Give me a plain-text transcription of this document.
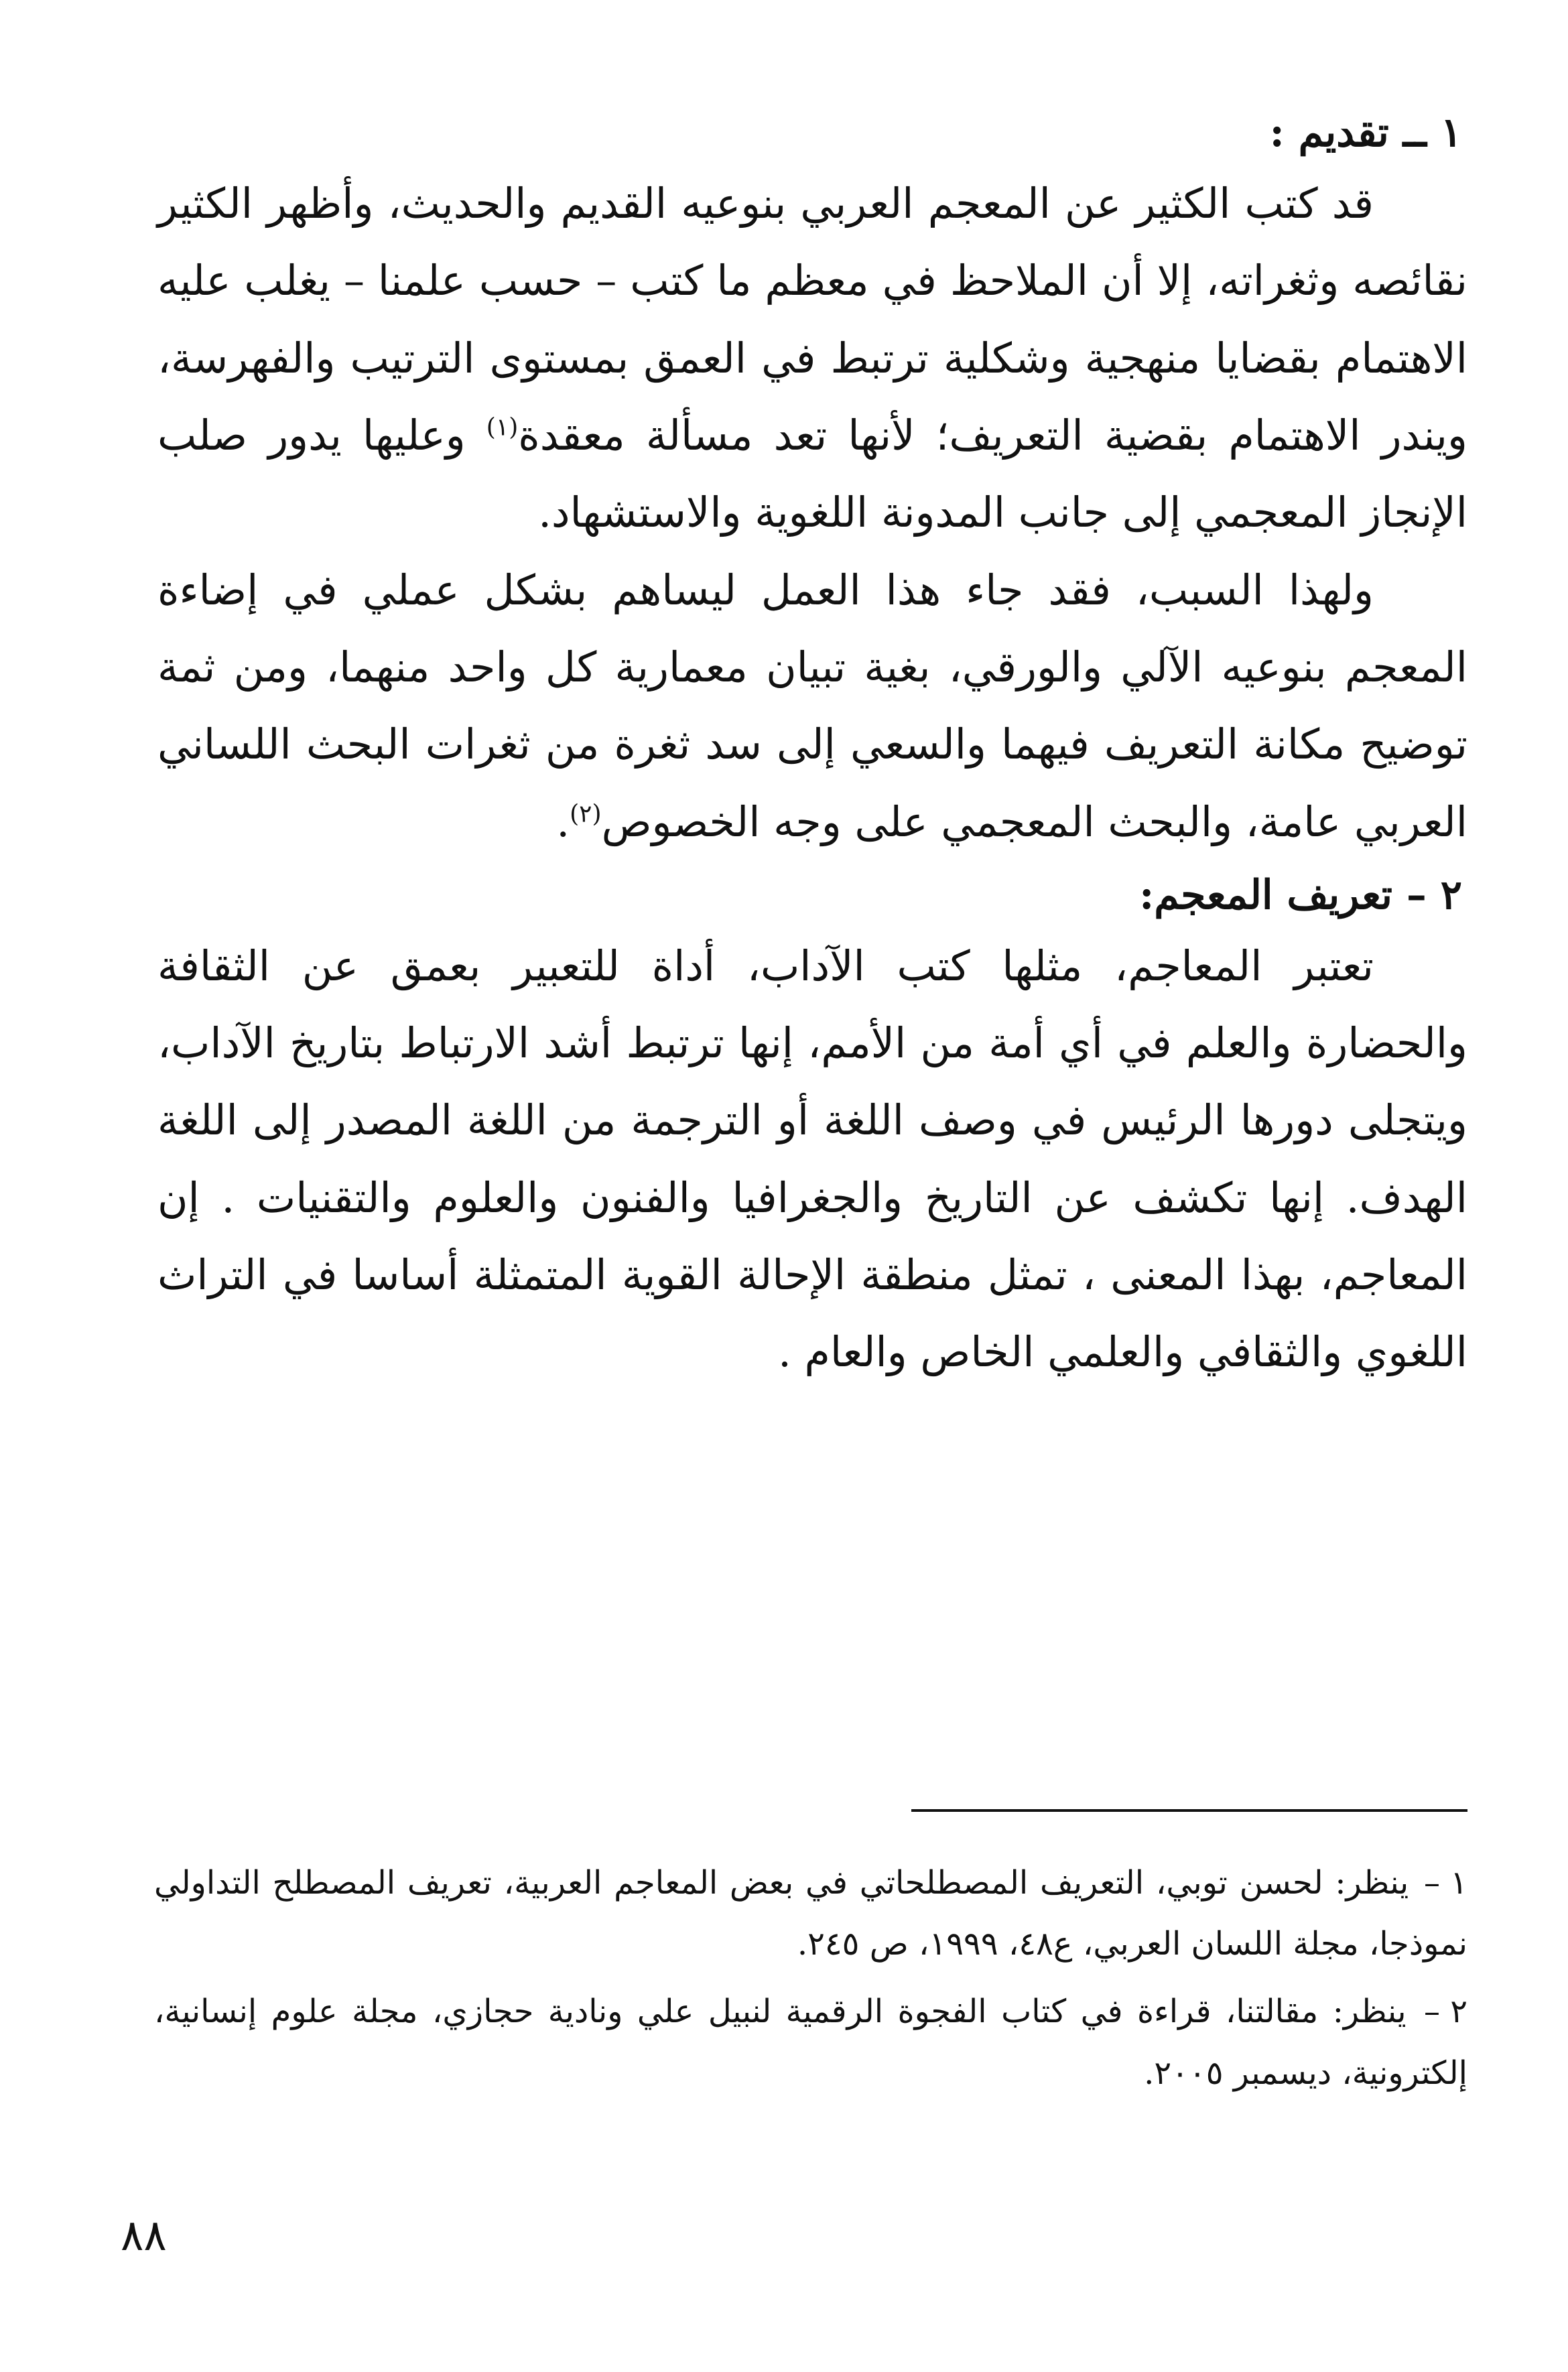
١ ــ تقديم :

قد كتب الكثير عن المعجم العربي بنوعيه القديم والحديث، وأظهر الكثير نقائصه وثغراته، إلا أن الملاحظ في معظم ما كتب – حسب علمنا – يغلب عليه الاهتمام بقضايا منهجية وشكلية ترتبط في العمق بمستوى الترتيب والفهرسة، ويندر الاهتمام بقضية التعريف؛ لأنها تعد مسألة معقدة$^{(١)}$ وعليها يدور صلب الإنجاز المعجمي إلى جانب المدونة اللغوية والاستشهاد.

ولهذا السبب، فقد جاء هذا العمل ليساهم بشكل عملي في إضاءة المعجم بنوعيه الآلي والورقي، بغية تبيان معمارية كل واحد منهما، ومن ثمة توضيح مكانة التعريف فيهما والسعي إلى سد ثغرة من ثغرات البحث اللساني العربي عامة، والبحث المعجمي على وجه الخصوص$^{(٢)}$.

٢ – تعريف المعجم:

تعتبر المعاجم، مثلها كتب الآداب، أداة للتعبير بعمق عن الثقافة والحضارة والعلم في أي أمة من الأمم، إنها ترتبط أشد الارتباط بتاريخ الآداب، ويتجلى دورها الرئيس في وصف اللغة أو الترجمة من اللغة المصدر إلى اللغة الهدف. إنها تكشف عن التاريخ والجغرافيا والفنون والعلوم والتقنيات . إن المعاجم، بهذا المعنى ، تمثل منطقة الإحالة القوية المتمثلة أساسا في التراث اللغوي والثقافي والعلمي الخاص والعام .

١ – ينظر: لحسن توبي، التعريف المصطلحاتي في بعض المعاجم العربية، تعريف المصطلح التداولي نموذجا، مجلة اللسان العربي، ع٤٨، ١٩٩٩، ص ٢٤٥.

٢ – ينظر: مقالتنا، قراءة في كتاب الفجوة الرقمية لنبيل علي ونادية حجازي، مجلة علوم إنسانية، إلكترونية، ديسمبر ٢٠٠٥.

٨٨
